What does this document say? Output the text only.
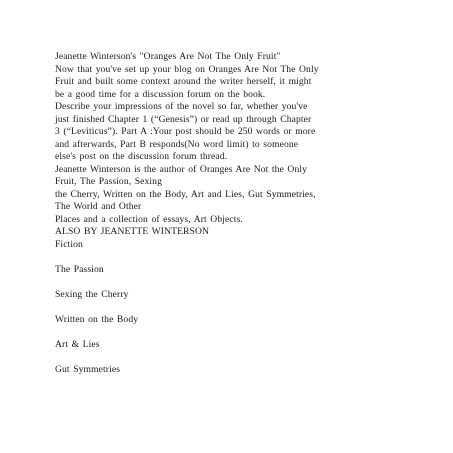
Jeanette Winterson's "Oranges Are Not The Only Fruit"

Now that you've set up your blog on Oranges Are Not The Only
Fruit and built some context around the writer herself, it might
be a good time for a discussion forum on the book.

Describe your impressions of the novel so far, whether you've
just finished Chapter 1 (“Genesis”) or read up through Chapter
3 (“Leviticus”). Part A :Your post should be 250 words or more
and afterwards, Part B responds(No word limit) to someone
else's post on the discussion forum thread.

Jeanette Winterson is the author of Oranges Are Not the Only
Fruit, The Passion, Sexing
the Cherry, Written on the Body, Art and Lies, Gut Symmetries,
The World and Other
Places and a collection of essays, Art Objects.

ALSO BY JEANETTE WINTERSON

Fiction
The Passion
Sexing the Cherry
Written on the Body
Art & Lies
Gut Symmetries
